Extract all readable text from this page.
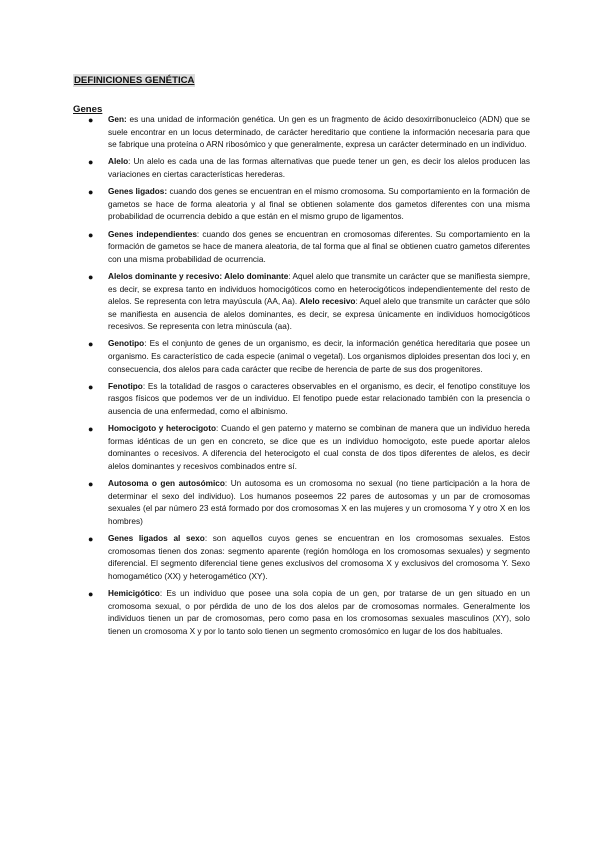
DEFINICIONES GENÉTICA
Genes
● Gen: es una unidad de información genética. Un gen es un fragmento de ácido desoxirribonucleico (ADN) que se suele encontrar en un locus determinado, de carácter hereditario que contiene la información necesaria para que se fabrique una proteína o ARN ribosómico y que generalmente, expresa un carácter determinado en un individuo.
● Alelo: Un alelo es cada una de las formas alternativas que puede tener un gen, es decir los alelos producen las variaciones en ciertas características herederas.
● Genes ligados: cuando dos genes se encuentran en el mismo cromosoma. Su comportamiento en la formación de gametos se hace de forma aleatoria y al final se obtienen solamente dos gametos diferentes con una misma probabilidad de ocurrencia debido a que están en el mismo grupo de ligamentos.
● Genes independientes: cuando dos genes se encuentran en cromosomas diferentes. Su comportamiento en la formación de gametos se hace de manera aleatoria, de tal forma que al final se obtienen cuatro gametos diferentes con una misma probabilidad de ocurrencia.
● Alelos dominante y recesivo: Alelo dominante: Aquel alelo que transmite un carácter que se manifiesta siempre, es decir, se expresa tanto en individuos homocigóticos como en heterocigóticos independientemente del resto de alelos. Se representa con letra mayúscula (AA, Aa). Alelo recesivo: Aquel alelo que transmite un carácter que sólo se manifiesta en ausencia de alelos dominantes, es decir, se expresa únicamente en individuos homocigóticos recesivos. Se representa con letra minúscula (aa).
● Genotipo: Es el conjunto de genes de un organismo, es decir, la información genética hereditaria que posee un organismo. Es característico de cada especie (animal o vegetal). Los organismos diploides presentan dos loci y, en consecuencia, dos alelos para cada carácter que recibe de herencia de parte de sus dos progenitores.
● Fenotipo: Es la totalidad de rasgos o caracteres observables en el organismo, es decir, el fenotipo constituye los rasgos físicos que podemos ver de un individuo. El fenotipo puede estar relacionado también con la presencia o ausencia de una enfermedad, como el albinismo.
● Homocigoto y heterocigoto: Cuando el gen paterno y materno se combinan de manera que un individuo hereda formas idénticas de un gen en concreto, se dice que es un individuo homocigoto, este puede aportar alelos dominantes o recesivos. A diferencia del heterocigoto el cual consta de dos tipos diferentes de alelos, es decir alelos dominantes y recesivos combinados entre sí.
● Autosoma o gen autosómico: Un autosoma es un cromosoma no sexual (no tiene participación a la hora de determinar el sexo del individuo). Los humanos poseemos 22 pares de autosomas y un par de cromosomas sexuales (el par número 23 está formado por dos cromosomas X en las mujeres y un cromosoma Y y otro X en los hombres)
● Genes ligados al sexo: son aquellos cuyos genes se encuentran en los cromosomas sexuales. Estos cromosomas tienen dos zonas: segmento aparente (región homóloga en los cromosomas sexuales) y segmento diferencial. El segmento diferencial tiene genes exclusivos del cromosoma X y exclusivos del cromosoma Y. Sexo homogamético (XX) y heterogamético (XY).
● Hemicigótico: Es un individuo que posee una sola copia de un gen, por tratarse de un gen situado en un cromosoma sexual, o por pérdida de uno de los dos alelos par de cromosomas normales. Generalmente los individuos tienen un par de cromosomas, pero como pasa en los cromosomas sexuales masculinos (XY), solo tienen un cromosoma X y por lo tanto solo tienen un segmento cromosómico en lugar de los dos habituales.
